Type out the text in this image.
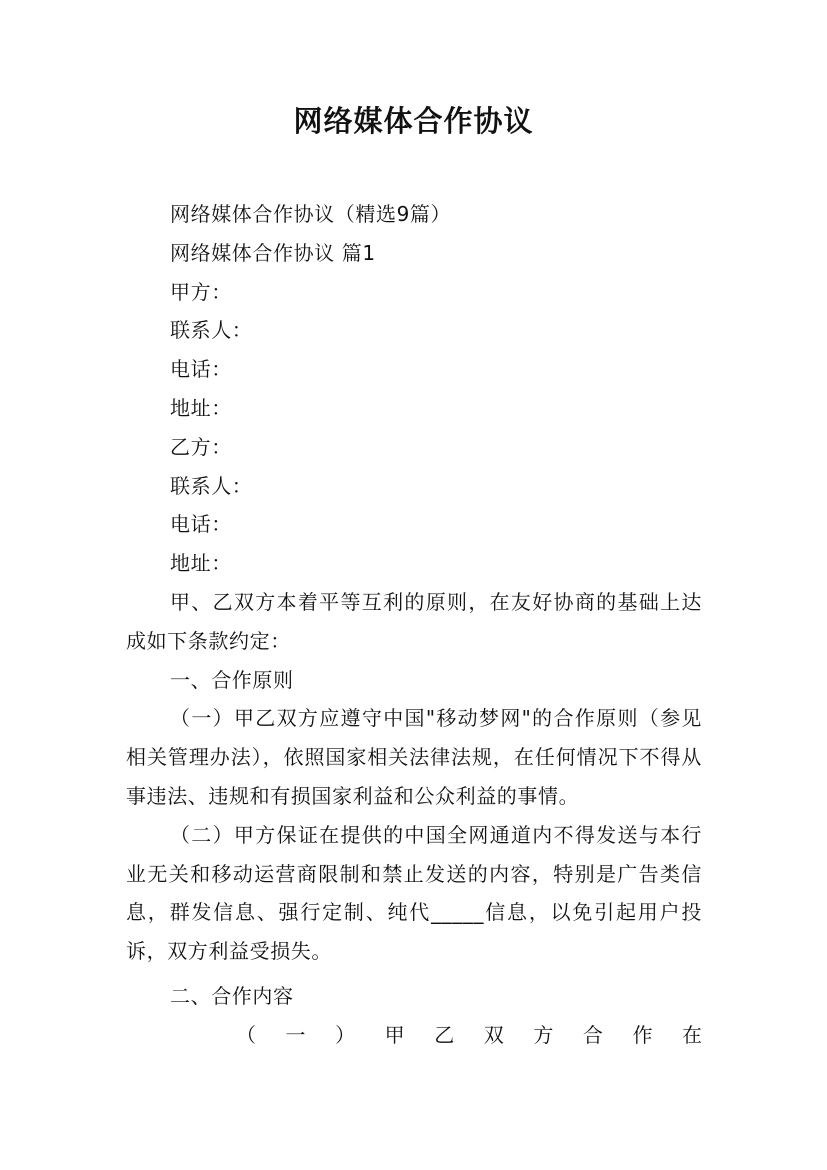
网络媒体合作协议

网络媒体合作协议（精选9篇）

网络媒体合作协议 篇1

甲方：

联系人：

电话：

地址：

乙方：

联系人：

电话：

地址：

甲、乙双方本着平等互利的原则，在友好协商的基础上达成如下条款约定：

一、合作原则

（一）甲乙双方应遵守中国"移动梦网"的合作原则（参见相关管理办法），依照国家相关法律法规，在任何情况下不得从事违法、违规和有损国家利益和公众利益的事情。

（二）甲方保证在提供的中国全网通道内不得发送与本行业无关和移动运营商限制和禁止发送的内容，特别是广告类信息，群发信息、强行定制、纯代_____信息，以免引起用户投诉，双方利益受损失。

二、合作内容

（一）甲乙双方合作在
